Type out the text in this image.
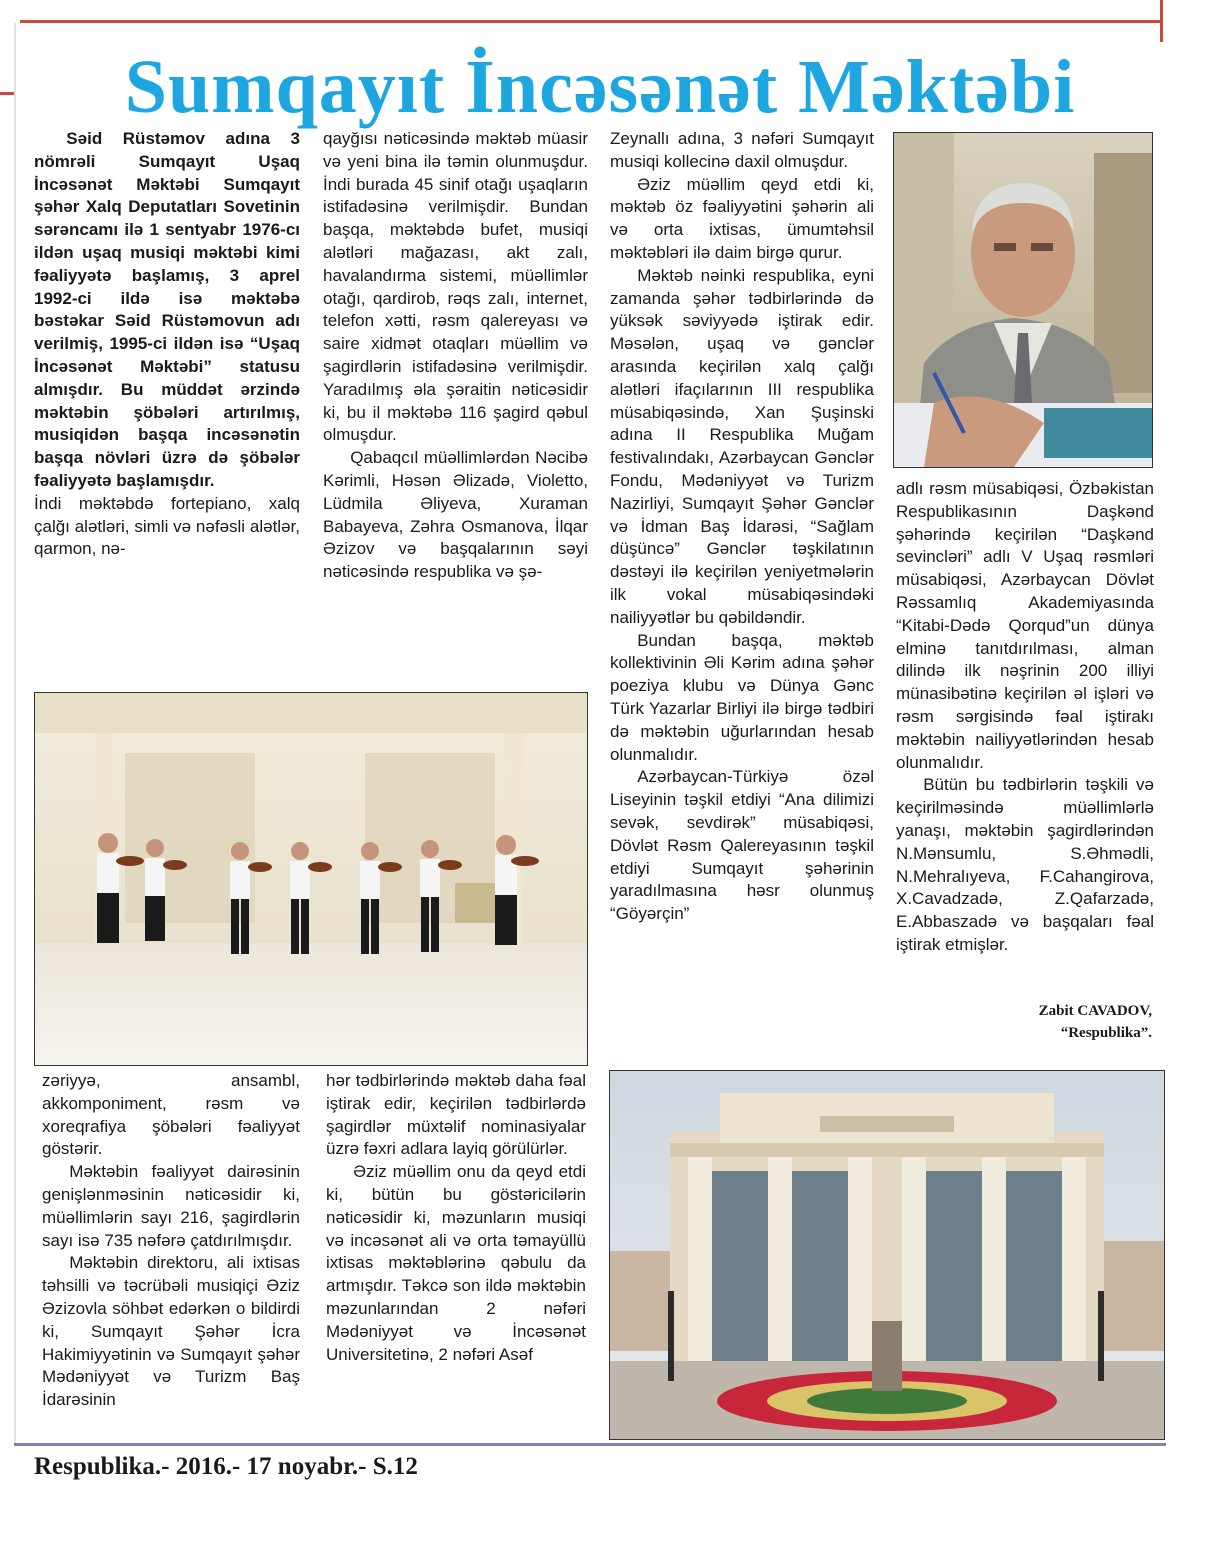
Sumqayıt İncəsənət Məktəbi

Səid Rüstəmov adına 3 nömrəli Sumqayıt Uşaq İncəsənət Məktəbi Sumqayıt şəhər Xalq Deputatları Sovetinin sərəncamı ilə 1 sentyabr 1976-cı ildən uşaq musiqi məktəbi kimi fəaliyyətə başlamış, 3 aprel 1992-ci ildə isə məktəbə bəstəkar Səid Rüstəmovun adı verilmiş, 1995-ci ildən isə “Uşaq İncəsənət Məktəbi” statusu almışdır. Bu müddət ərzində məktəbin şöbələri artırılmış, musiqidən başqa incəsənətin başqa növləri üzrə də şöbələr fəaliyyətə başlamışdır.

İndi məktəbdə fortepiano, xalq çalğı alətləri, simli və nəfəsli alətlər, qarmon, nə-

qayğısı nəticəsində məktəb müasir və yeni bina ilə təmin olunmuşdur. İndi burada 45 sinif otağı uşaqların istifadəsinə verilmişdir. Bundan başqa, məktəbdə bufet, musiqi alətləri mağazası, akt zalı, havalandırma sistemi, müəllimlər otağı, qardirob, rəqs zalı, internet, telefon xətti, rəsm qalereyası və saire xidmət otaqları müəllim və şagirdlərin istifadəsinə verilmişdir. Yaradılmış əla şəraitin nəticəsidir ki, bu il məktəbə 116 şagird qəbul olmuşdur.

Qabaqcıl müəllimlərdən Nəcibə Kərimli, Həsən Əlizadə, Violetto, Lüdmila Əliyeva, Xuraman Babayeva, Zəhra Osmanova, İlqar Əzizov və başqalarının səyi nəticəsində respublika və şə-

Zeynallı adına, 3 nəfəri Sumqayıt musiqi kollecinə daxil olmuşdur.

Əziz müəllim qeyd etdi ki, məktəb öz fəaliyyətini şəhərin ali və orta ixtisas, ümumtəhsil məktəbləri ilə daim birgə qurur.

Məktəb nəinki respublika, eyni zamanda şəhər tədbirlərində də yüksək səviyyədə iştirak edir. Məsələn, uşaq və gənclər arasında keçirilən xalq çalğı alətləri ifaçılarının III respublika müsabiqəsində, Xan Şuşinski adına II Respublika Muğam festivalındakı, Azərbaycan Gənclər Fondu, Mədəniyyət və Turizm Nazirliyi, Sumqayıt Şəhər Gənclər və İdman Baş İdarəsi, “Sağlam düşüncə” Gənclər təşkilatının dəstəyi ilə keçirilən yeniyetmələrin ilk vokal müsabiqəsindəki nailiyyətlər bu qəbildəndir.

Bundan başqa, məktəb kollektivinin Əli Kərim adına şəhər poeziya klubu və Dünya Gənc Türk Yazarlar Birliyi ilə birgə tədbiri də məktəbin uğurlarından hesab olunmalıdır.

Azərbaycan-Türkiyə özəl Liseyinin təşkil etdiyi “Ana dilimizi sevək, sevdirək” müsabiqəsi, Dövlət Rəsm Qalereyasının təşkil etdiyi Sumqayıt şəhərinin yaradılmasına həsr olunmuş “Göyərçin”

adlı rəsm müsabiqəsi, Özbəkistan Respublikasının Daşkənd şəhərində keçirilən “Daşkənd sevincləri” adlı V Uşaq rəsmləri müsabiqəsi, Azərbaycan Dövlət Rəssamlıq Akademiyasında “Kitabi-Dədə Qorqud”un dünya elminə tanıtdırılması, alman dilində ilk nəşrinin 200 illiyi münasibətinə keçirilən əl işləri və rəsm sərgisində fəal iştirakı məktəbin nailiyyətlərindən hesab olunmalıdır.

Bütün bu tədbirlərin təşkili və keçirilməsində müəllimlərlə yanaşı, məktəbin şagirdlərindən N.Mənsumlu, S.Əhmədli, N.Mehralıyeva, F.Cahangirova, X.Cavadzadə, Z.Qafarzadə, E.Abbaszadə və başqaları fəal iştirak etmişlər.

Zabit CAVADOV,
“Respublika”.

zəriyyə, ansambl, akkomponiment, rəsm və xoreqrafiya şöbələri fəaliyyət göstərir.

Məktəbin fəaliyyət dairəsinin genişlənməsinin nəticəsidir ki, müəllimlərin sayı 216, şagirdlərin sayı isə 735 nəfərə çatdırılmışdır.

Məktəbin direktoru, ali ixtisas təhsilli və təcrübəli musiqiçi Əziz Əzizovla söhbət edərkən o bildirdi ki, Sumqayıt Şəhər İcra Hakimiyyətinin və Sumqayıt şəhər Mədəniyyət və Turizm Baş İdarəsinin

hər tədbirlərində məktəb daha fəal iştirak edir, keçirilən tədbirlərdə şagirdlər müxtəlif nominasiyalar üzrə fəxri adlara layiq görülürlər.

Əziz müəllim onu da qeyd etdi ki, bütün bu göstəricilərin nəticəsidir ki, məzunların musiqi və incəsənət ali və orta təmayüllü ixtisas məktəblərinə qəbulu da artmışdır. Təkcə son ildə məktəbin məzunlarından 2 nəfəri Mədəniyyət və İncəsənət Universitetinə, 2 nəfəri Asəf

Respublika.- 2016.- 17 noyabr.- S.12
